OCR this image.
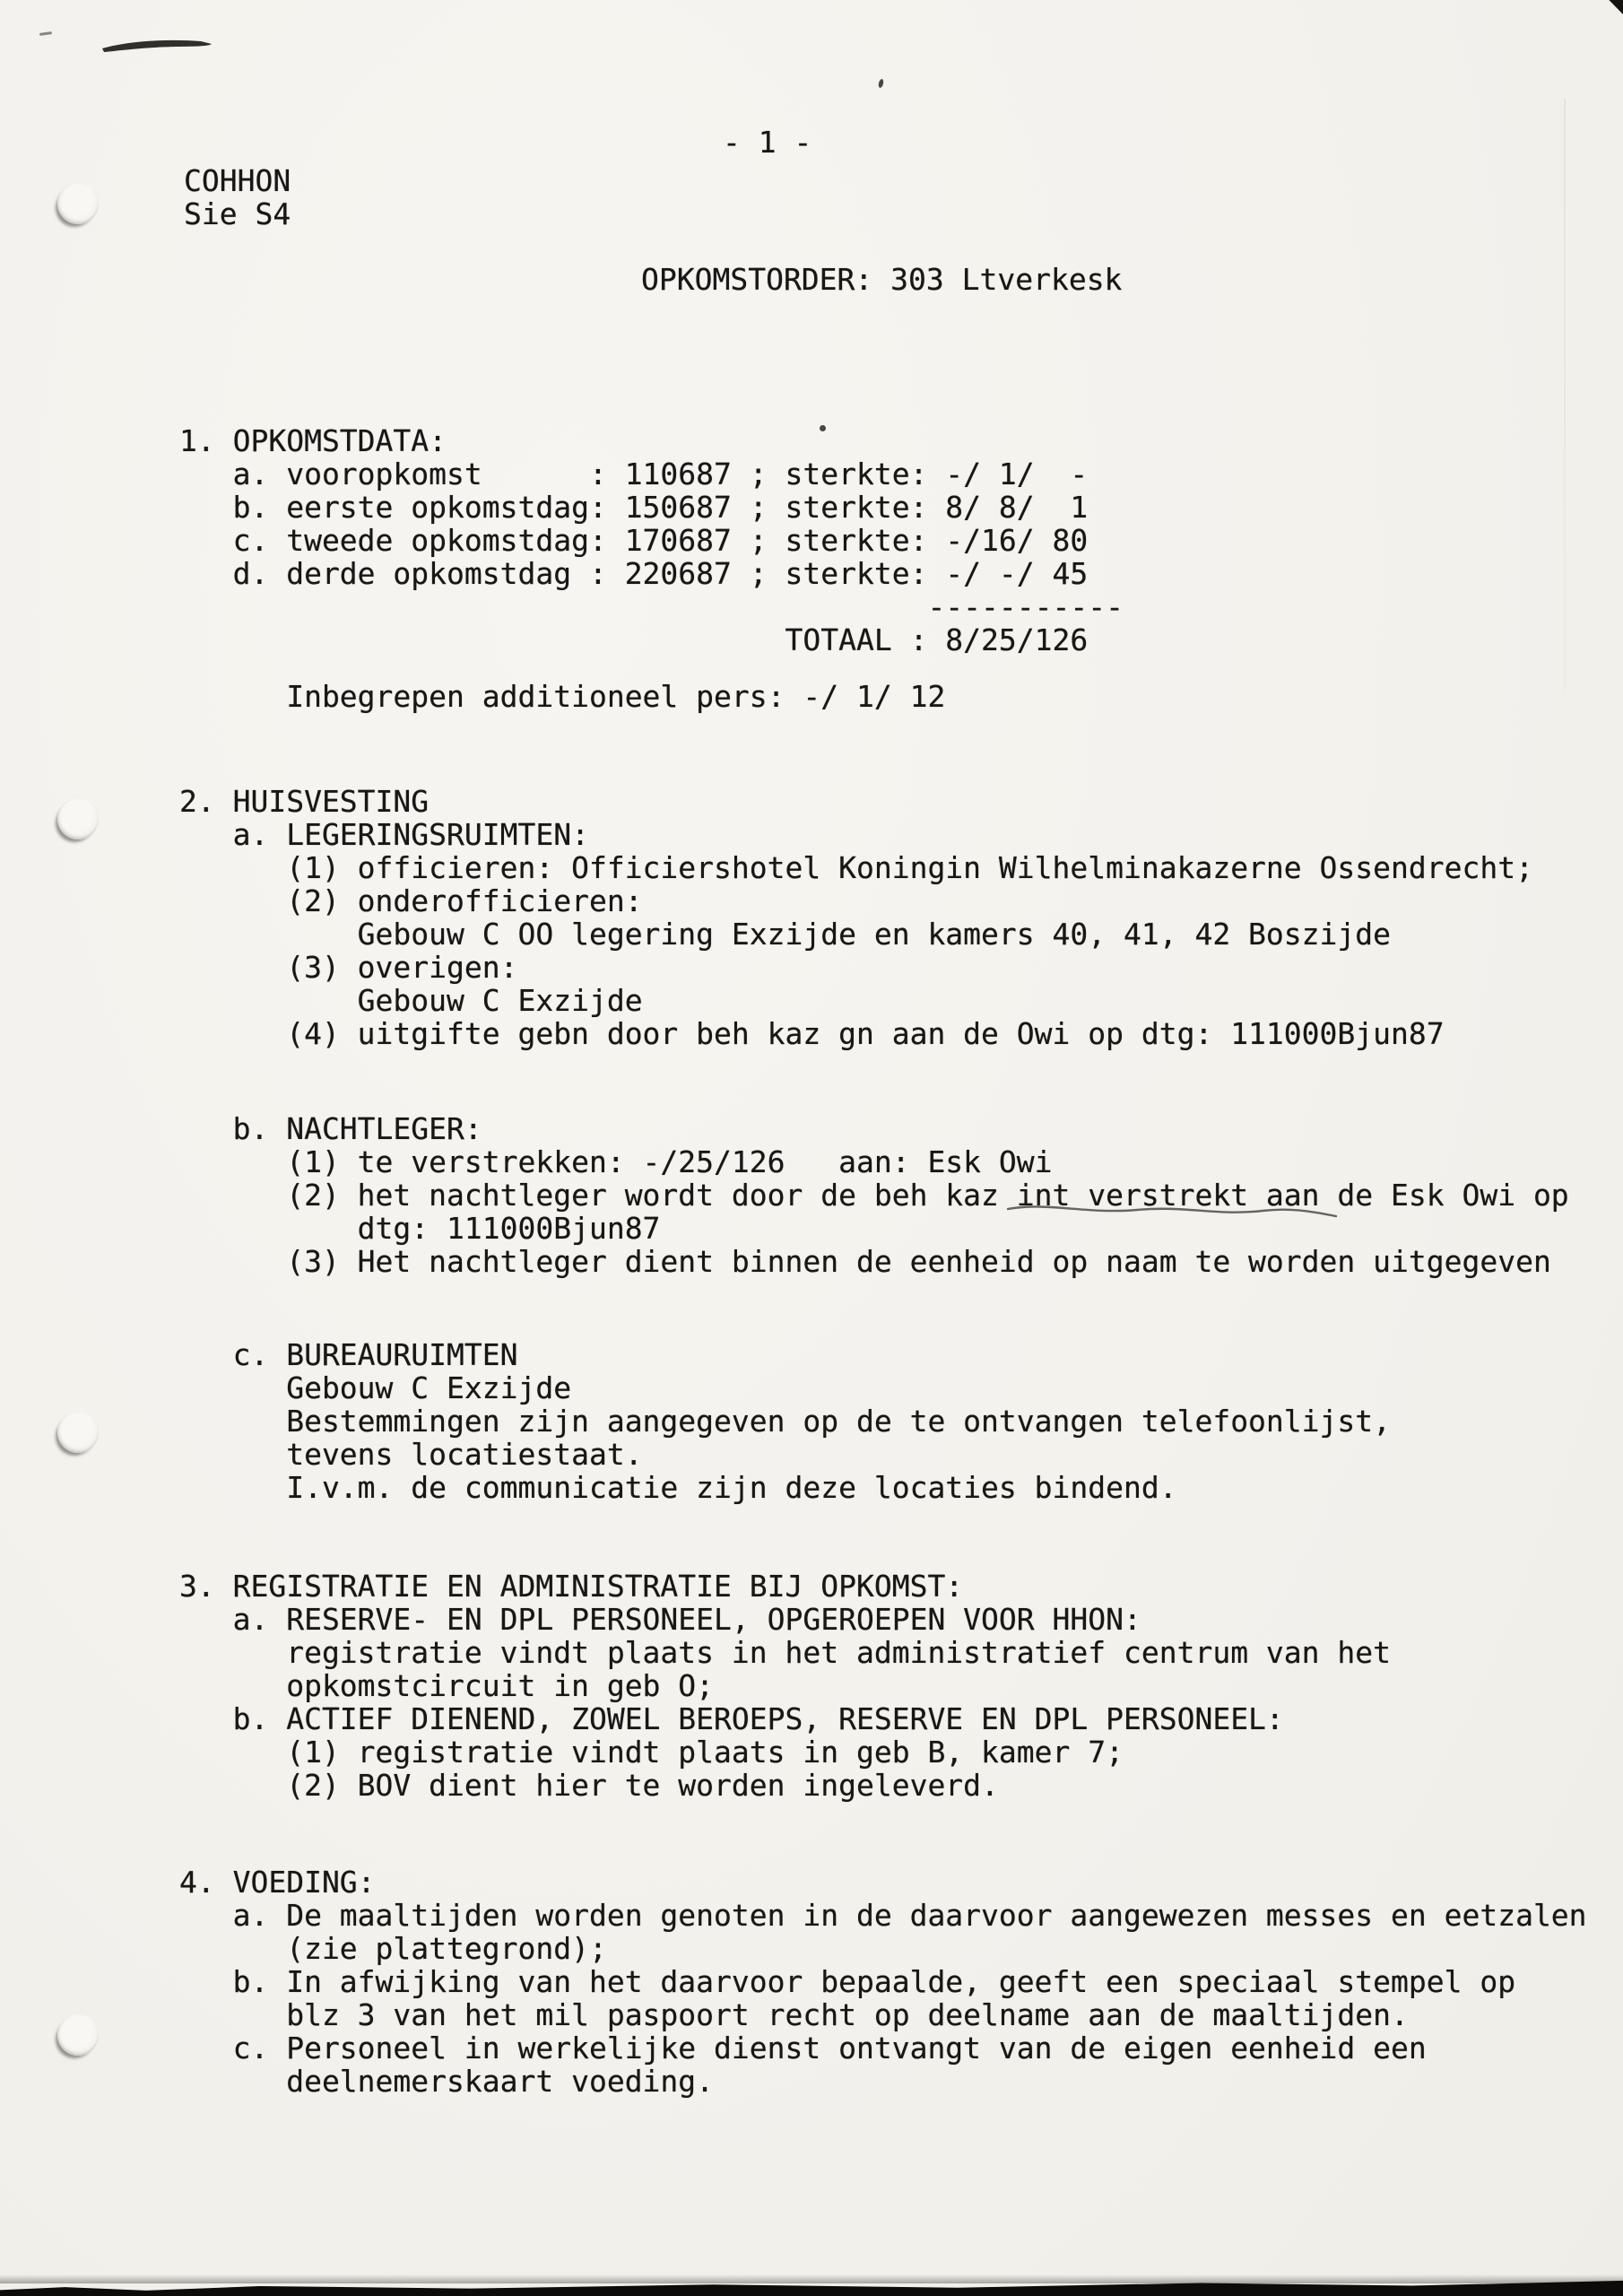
- 1 -
COHHON
Sie S4
OPKOMSTORDER: 303 Ltverkesk
1. OPKOMSTDATA:
a. vooropkomst      : 110687 ; sterkte: -/ 1/  -
b. eerste opkomstdag: 150687 ; sterkte: 8/ 8/  1
c. tweede opkomstdag: 170687 ; sterkte: -/16/ 80
d. derde opkomstdag : 220687 ; sterkte: -/ -/ 45
-----------
TOTAAL : 8/25/126
Inbegrepen additioneel pers: -/ 1/ 12
2. HUISVESTING
a. LEGERINGSRUIMTEN:
(1) officieren: Officiershotel Koningin Wilhelminakazerne Ossendrecht;
(2) onderofficieren:
Gebouw C OO legering Exzijde en kamers 40, 41, 42 Boszijde
(3) overigen:
Gebouw C Exzijde
(4) uitgifte gebn door beh kaz gn aan de Owi op dtg: 111000Bjun87
b. NACHTLEGER:
(1) te verstrekken: -/25/126   aan: Esk Owi
(2) het nachtleger wordt door de beh kaz int verstrekt aan de Esk Owi op
dtg: 111000Bjun87
(3) Het nachtleger dient binnen de eenheid op naam te worden uitgegeven
c. BUREAURUIMTEN
Gebouw C Exzijde
Bestemmingen zijn aangegeven op de te ontvangen telefoonlijst,
tevens locatiestaat.
I.v.m. de communicatie zijn deze locaties bindend.
3. REGISTRATIE EN ADMINISTRATIE BIJ OPKOMST:
a. RESERVE- EN DPL PERSONEEL, OPGEROEPEN VOOR HHON:
registratie vindt plaats in het administratief centrum van het
opkomstcircuit in geb O;
b. ACTIEF DIENEND, ZOWEL BEROEPS, RESERVE EN DPL PERSONEEL:
(1) registratie vindt plaats in geb B, kamer 7;
(2) BOV dient hier te worden ingeleverd.
4. VOEDING:
a. De maaltijden worden genoten in de daarvoor aangewezen messes en eetzalen
(zie plattegrond);
b. In afwijking van het daarvoor bepaalde, geeft een speciaal stempel op
blz 3 van het mil paspoort recht op deelname aan de maaltijden.
c. Personeel in werkelijke dienst ontvangt van de eigen eenheid een
deelnemerskaart voeding.
